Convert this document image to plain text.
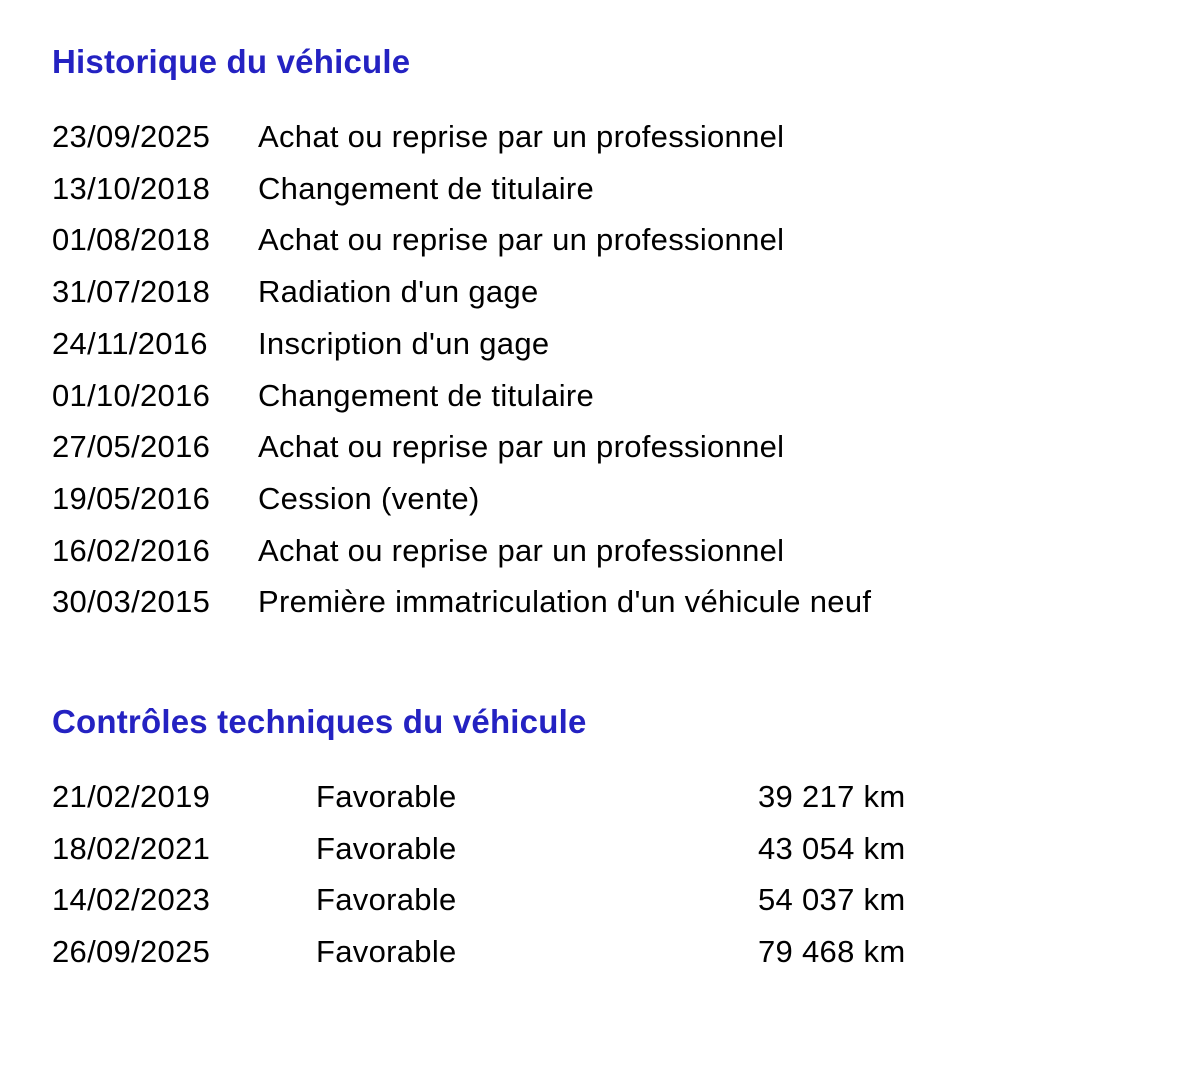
Historique du véhicule
23/09/2025	Achat ou reprise par un professionnel
13/10/2018	Changement de titulaire
01/08/2018	Achat ou reprise par un professionnel
31/07/2018	Radiation d'un gage
24/11/2016	Inscription d'un gage
01/10/2016	Changement de titulaire
27/05/2016	Achat ou reprise par un professionnel
19/05/2016	Cession (vente)
16/02/2016	Achat ou reprise par un professionnel
30/03/2015	Première immatriculation d'un véhicule neuf
Contrôles techniques du véhicule
21/02/2019	Favorable	39 217 km
18/02/2021	Favorable	43 054 km
14/02/2023	Favorable	54 037 km
26/09/2025	Favorable	79 468 km
